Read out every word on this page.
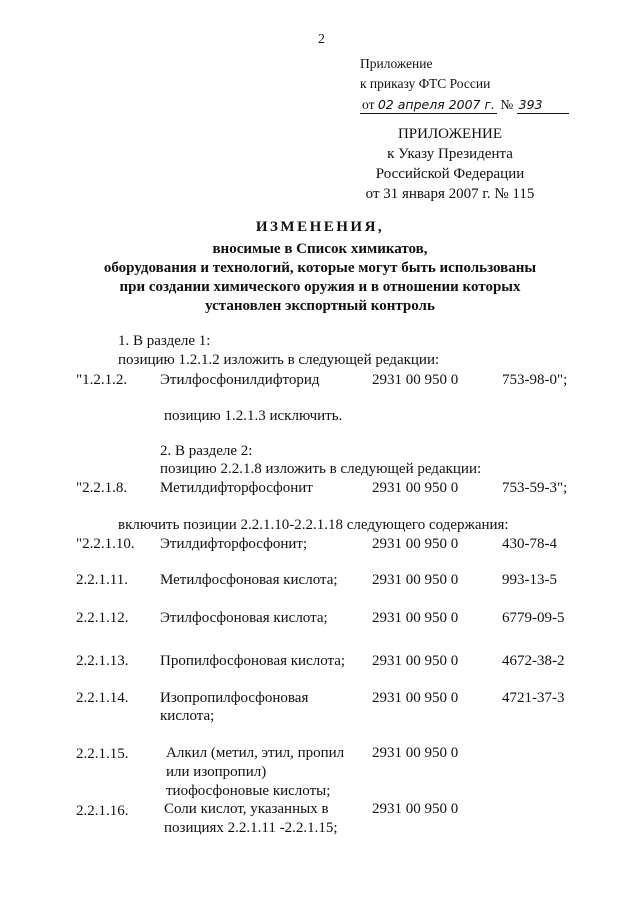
2
Приложение
к приказу ФТС России
от 02 апреля 2007 г. № 393
ПРИЛОЖЕНИЕ
к Указу Президента
Российской Федерации
от 31 января 2007 г. № 115
ИЗМЕНЕНИЯ,
вносимые в Список химикатов,
оборудования и технологий, которые могут быть использованы
при создании химического оружия и в отношении которых
установлен экспортный контроль
1. В разделе 1:
позицию 1.2.1.2 изложить в следующей редакции:
"1.2.1.2. Этилфосфонилдифторид	2931 00 950 0	753-98-0";
позицию 1.2.1.3 исключить.
2. В разделе 2:
позицию 2.2.1.8 изложить в следующей редакции:
"2.2.1.8. Метилдифторфосфонит	2931 00 950 0	753-59-3";
включить позиции 2.2.1.10-2.2.1.18 следующего содержания:
"2.2.1.10. Этилдифторфосфонит;	2931 00 950 0	430-78-4
2.2.1.11. Метилфосфоновая кислота; 2931 00 950 0	993-13-5
2.2.1.12. Этилфосфоновая кислота;	2931 00 950 0	6779-09-5
2.2.1.13. Пропилфосфоновая кислота; 2931 00 950 0	4672-38-2
2.2.1.14. Изопропилфосфоновая
кислота;
2931 00 950 0	4721-37-3
2.2.1.15.	Алкил (метил, этил, пропил
или изопропил)
тиофосфоновые кислоты;
2931 00 950 0
2.2.1.16. Соли кислот, указанных в
позициях 2.2.1.11 -2.2.1.15;
2931 00 950 0
